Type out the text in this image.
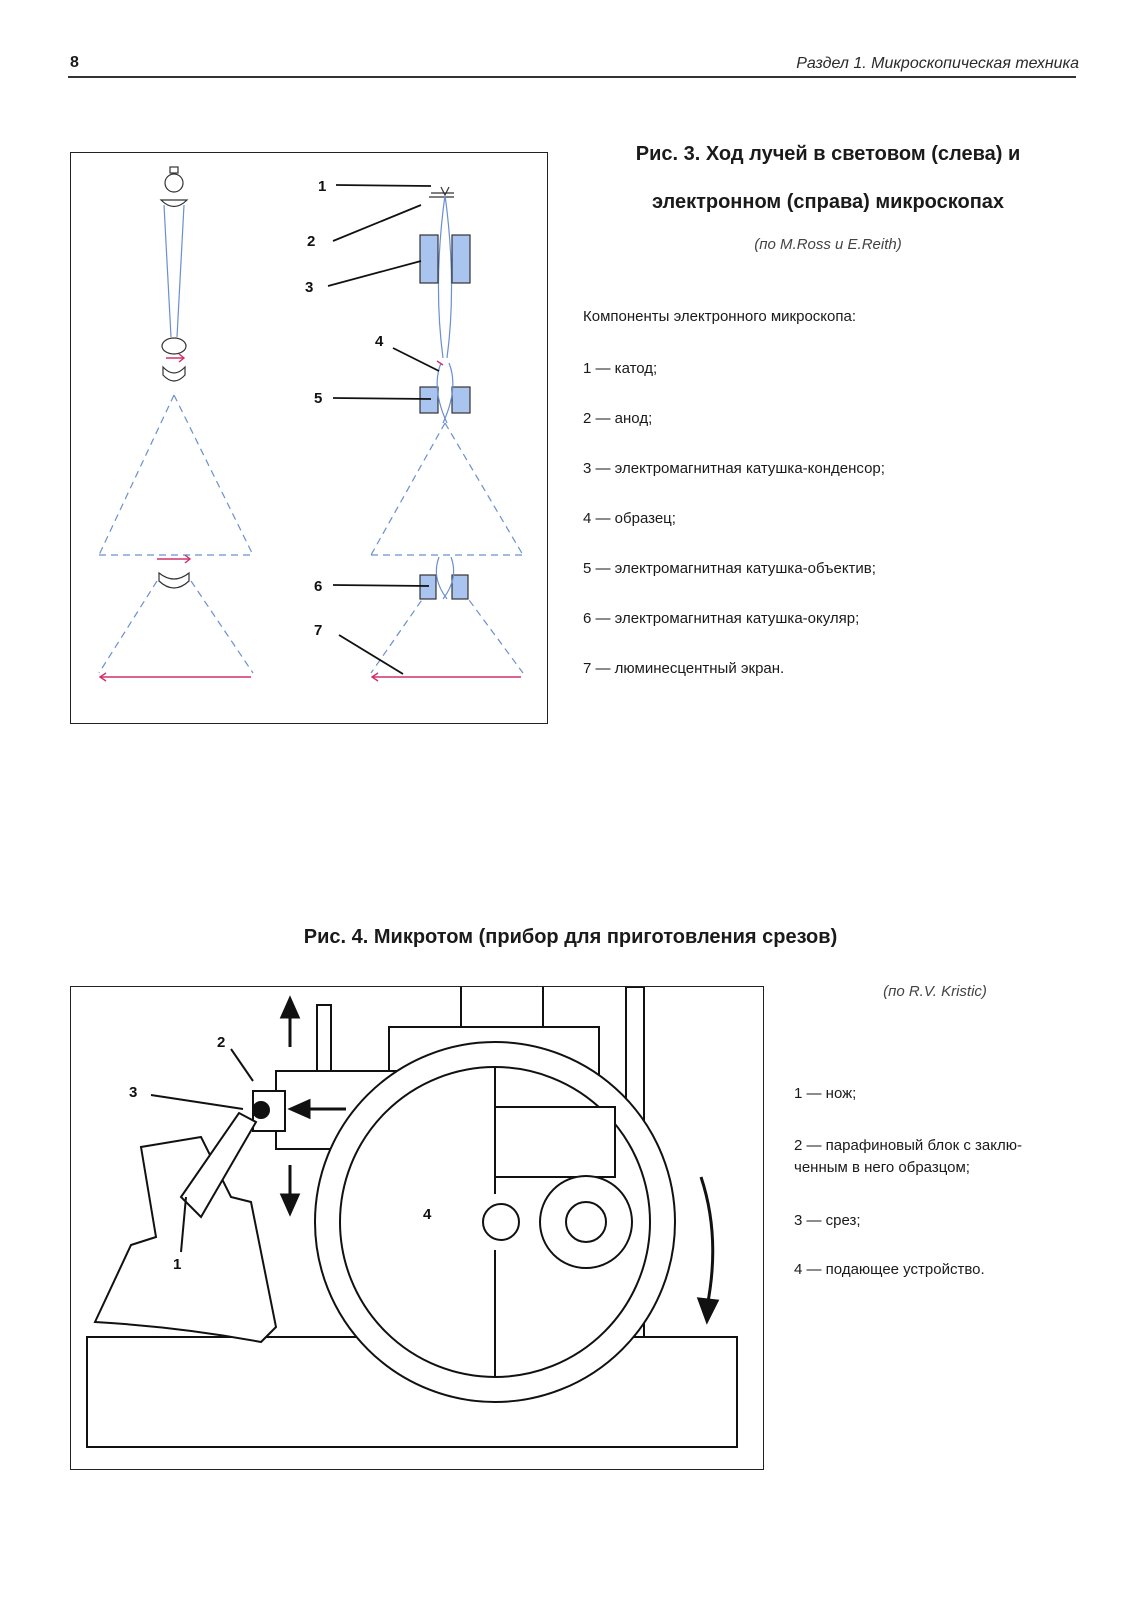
8	Раздел 1. Микроскопическая техника
1
2
3
4
5
6
7
Рис. 3. Ход лучей в световом (слева) и
электронном (справа) микроскопах
(по M.Ross и E.Reith)
Компоненты электронного микроскопа:
1 — катод;
2 — анод;
3 — электромагнитная катушка-конденсор;
4 — образец;
5 — электромагнитная катушка-объектив;
6 — электромагнитная катушка-окуляр;
7 — люминесцентный экран.
Рис. 4. Микротом (прибор для приготовления срезов)
(по R.V. Kristic)
3
2
1
4
1 — нож;
2 — парафиновый блок с заклю-
ченным в него образцом;
3 — срез;
4 — подающее устройство.
